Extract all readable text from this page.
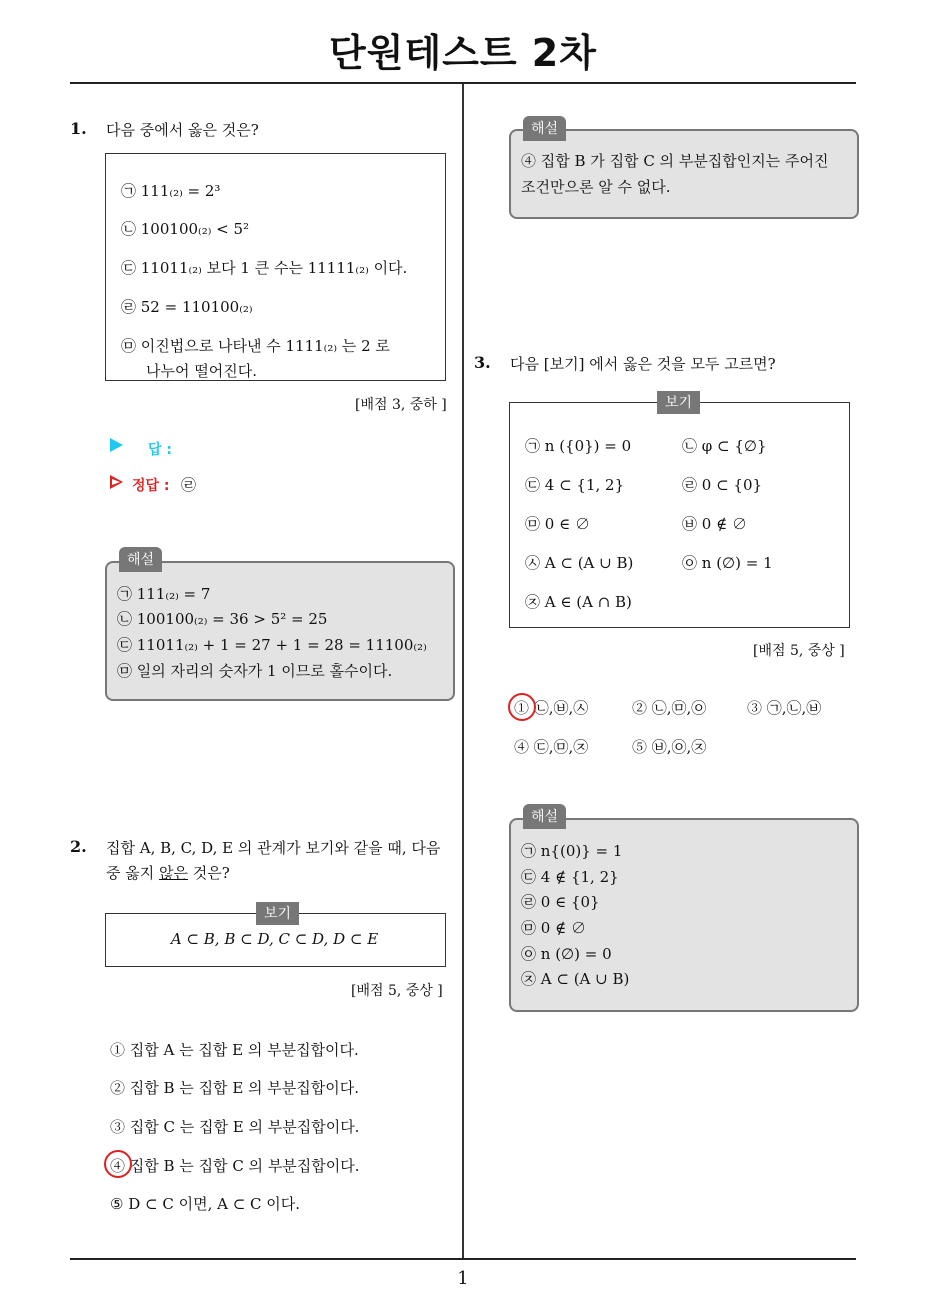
단원테스트 2차
1. 다음 중에서 옳은 것은?
㉠ 111₍₂₎ = 2³
㉡ 100100₍₂₎ < 5²
㉢ 11011₍₂₎ 보다 1 큰 수는 11111₍₂₎ 이다.
㉣ 52 = 110100₍₂₎
㉤ 이진법으로 나타낸 수 1111₍₂₎ 는 2 로
나누어 떨어진다.
[배점 3, 중하 ]
답 :
정답 : ㉣
해설
㉠ 111₍₂₎ = 7
㉡ 100100₍₂₎ = 36 > 5² = 25
㉢ 11011₍₂₎ + 1 = 27 + 1 = 28 = 11100₍₂₎
㉤ 일의 자리의 숫자가 1 이므로 홀수이다.
2. 집합 A, B, C, D, E 의 관계가 보기와 같을 때, 다음
중 옳지 않은 것은?
보기
A ⊂ B, B ⊂ D, C ⊂ D, D ⊂ E
[배점 5, 중상 ]
① 집합 A 는 집합 E 의 부분집합이다.
② 집합 B 는 집합 E 의 부분집합이다.
③ 집합 C 는 집합 E 의 부분집합이다.
④ 집합 B 는 집합 C 의 부분집합이다.
⑤ D ⊂ C 이면, A ⊂ C 이다.
해설
④ 집합 B 가 집합 C 의 부분집합인지는 주어진
조건만으론 알 수 없다.
3. 다음 [보기] 에서 옳은 것을 모두 고르면?
보기
㉠ n ({0}) = 0	㉡ φ ⊂ {∅}
㉢ 4 ⊂ {1, 2}	㉣ 0 ⊂ {0}
㉤ 0 ∈ ∅	㉥ 0 ∉ ∅
㉦ A ⊂ (A ∪ B)	㉧ n (∅) = 1
㉨ A ∈ (A ∩ B)
[배점 5, 중상 ]
① ㉡,㉥,㉦	② ㉡,㉤,㉧	③ ㉠,㉡,㉥
④ ㉢,㉤,㉨	⑤ ㉥,㉧,㉨
해설
㉠ n{(0)} = 1
㉢ 4 ∉ {1, 2}
㉣ 0 ∈ {0}
㉤ 0 ∉ ∅
㉧ n (∅) = 0
㉨ A ⊂ (A ∪ B)
1
